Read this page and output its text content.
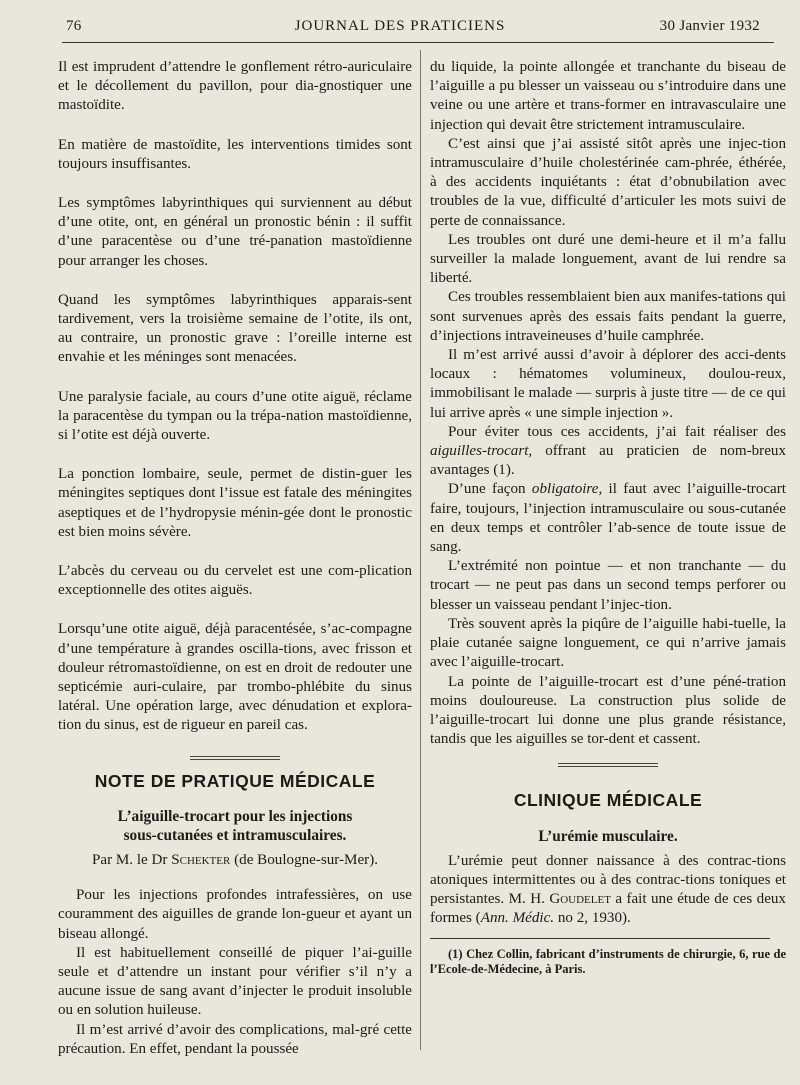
76	JOURNAL DES PRATICIENS	30 Janvier 1932

Il est imprudent d’attendre le gonflement rétro-auriculaire et le décollement du pavillon, pour dia-gnostiquer une mastoïdite.

En matière de mastoïdite, les interventions timides sont toujours insuffisantes.

Les symptômes labyrinthiques qui surviennent au début d’une otite, ont, en général un pronostic bénin : il suffit d’une paracentèse ou d’une tré-panation mastoïdienne pour arranger les choses.

Quand les symptômes labyrinthiques apparais-sent tardivement, vers la troisième semaine de l’otite, ils ont, au contraire, un pronostic grave : l’oreille interne est envahie et les méninges sont menacées.

Une paralysie faciale, au cours d’une otite aiguë, réclame la paracentèse du tympan ou la trépa-nation mastoïdienne, si l’otite est déjà ouverte.

La ponction lombaire, seule, permet de distin-guer les méningites septiques dont l’issue est fatale des méningites aseptiques et de l’hydropysie ménin-gée dont le pronostic est bien moins sévère.

L’abcès du cerveau ou du cervelet est une com-plication exceptionnelle des otites aiguës.

Lorsqu’une otite aiguë, déjà paracentésée, s’ac-compagne d’une température à grandes oscilla-tions, avec frisson et douleur rétromastoïdienne, on est en droit de redouter une septicémie auri-culaire, par trombo-phlébite du sinus latéral. Une opération large, avec dénudation et explora-tion du sinus, est de rigueur en pareil cas.

NOTE DE PRATIQUE MÉDICALE
L’aiguille-trocart pour les injections
sous-cutanées et intramusculaires.
Par M. le Dr Schekter (de Boulogne-sur-Mer).

Pour les injections profondes intrafessières, on use couramment des aiguilles de grande lon-gueur et ayant un biseau allongé.

Il est habituellement conseillé de piquer l’ai-guille seule et d’attendre un instant pour vérifier s’il n’y a aucune issue de sang avant d’injecter le produit insoluble ou en solution huileuse.

Il m’est arrivé d’avoir des complications, mal-gré cette précaution. En effet, pendant la poussée

du liquide, la pointe allongée et tranchante du biseau de l’aiguille a pu blesser un vaisseau ou s’introduire dans une veine ou une artère et trans-former en intravasculaire une injection qui devait être strictement intramusculaire.

C’est ainsi que j’ai assisté sitôt après une injec-tion intramusculaire d’huile cholestérinée cam-phrée, éthérée, à des accidents inquiétants : état d’obnubilation avec troubles de la vue, difficulté d’articuler les mots suivi de perte de connaissance.

Les troubles ont duré une demi-heure et il m’a fallu surveiller la malade longuement, avant de lui rendre sa liberté.

Ces troubles ressemblaient bien aux manifes-tations qui sont survenues après des essais faits pendant la guerre, d’injections intraveineuses d’huile camphrée.

Il m’est arrivé aussi d’avoir à déplorer des acci-dents locaux : hématomes volumineux, doulou-reux, immobilisant le malade — surpris à juste titre — de ce qui lui arrive après « une simple injection ».

Pour éviter tous ces accidents, j’ai fait réaliser des aiguilles-trocart, offrant au praticien de nom-breux avantages (1).

D’une façon obligatoire, il faut avec l’aiguille-trocart faire, toujours, l’injection intramusculaire ou sous-cutanée en deux temps et contrôler l’ab-sence de toute issue de sang.

L’extrémité non pointue — et non tranchante — du trocart — ne peut pas dans un second temps perforer ou blesser un vaisseau pendant l’injec-tion.

Très souvent après la piqûre de l’aiguille habi-tuelle, la plaie cutanée saigne longuement, ce qui n’arrive jamais avec l’aiguille-trocart.

La pointe de l’aiguille-trocart est d’une péné-tration moins douloureuse. La construction plus solide de l’aiguille-trocart lui donne une plus grande résistance, tandis que les aiguilles se tor-dent et cassent.

CLINIQUE MÉDICALE
L’urémie musculaire.

L’urémie peut donner naissance à des contrac-tions atoniques intermittentes ou à des contrac-tions toniques et persistantes. M. H. Goudelet a fait une étude de ces deux formes (Ann. Médic. no 2, 1930).

(1) Chez Collin, fabricant d’instruments de chirurgie, 6, rue de l’Ecole-de-Médecine, à Paris.
